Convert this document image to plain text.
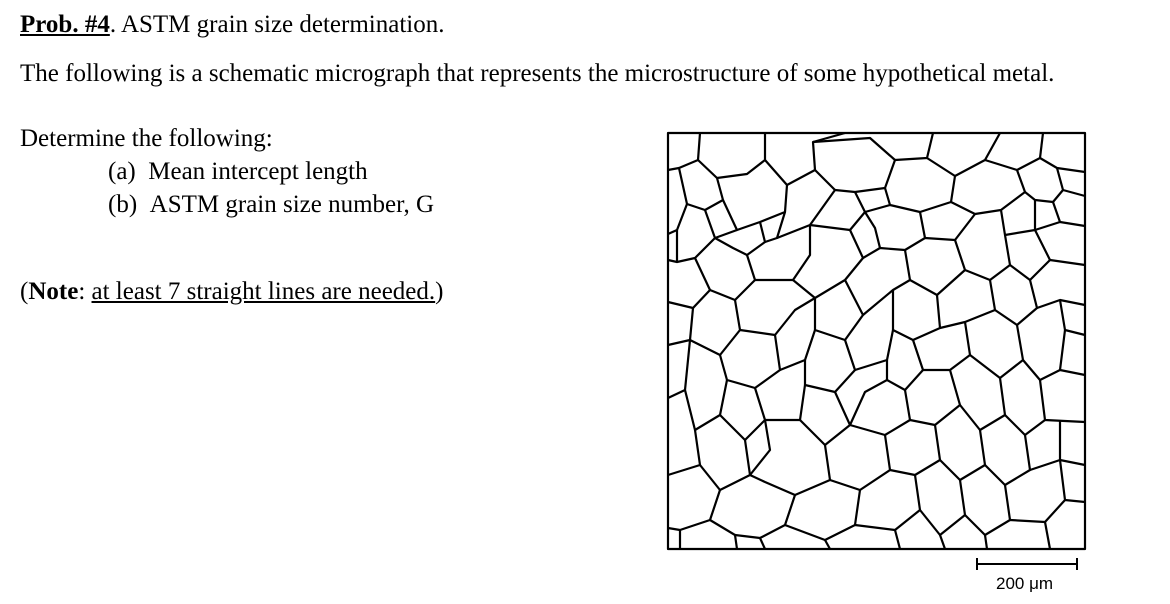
Prob. #4. ASTM grain size determination.
The following is a schematic micrograph that represents the microstructure of some hypothetical metal.
Determine the following:
(a) Mean intercept length
(b) ASTM grain size number, G
(Note: at least 7 straight lines are needed.)
200 μm
